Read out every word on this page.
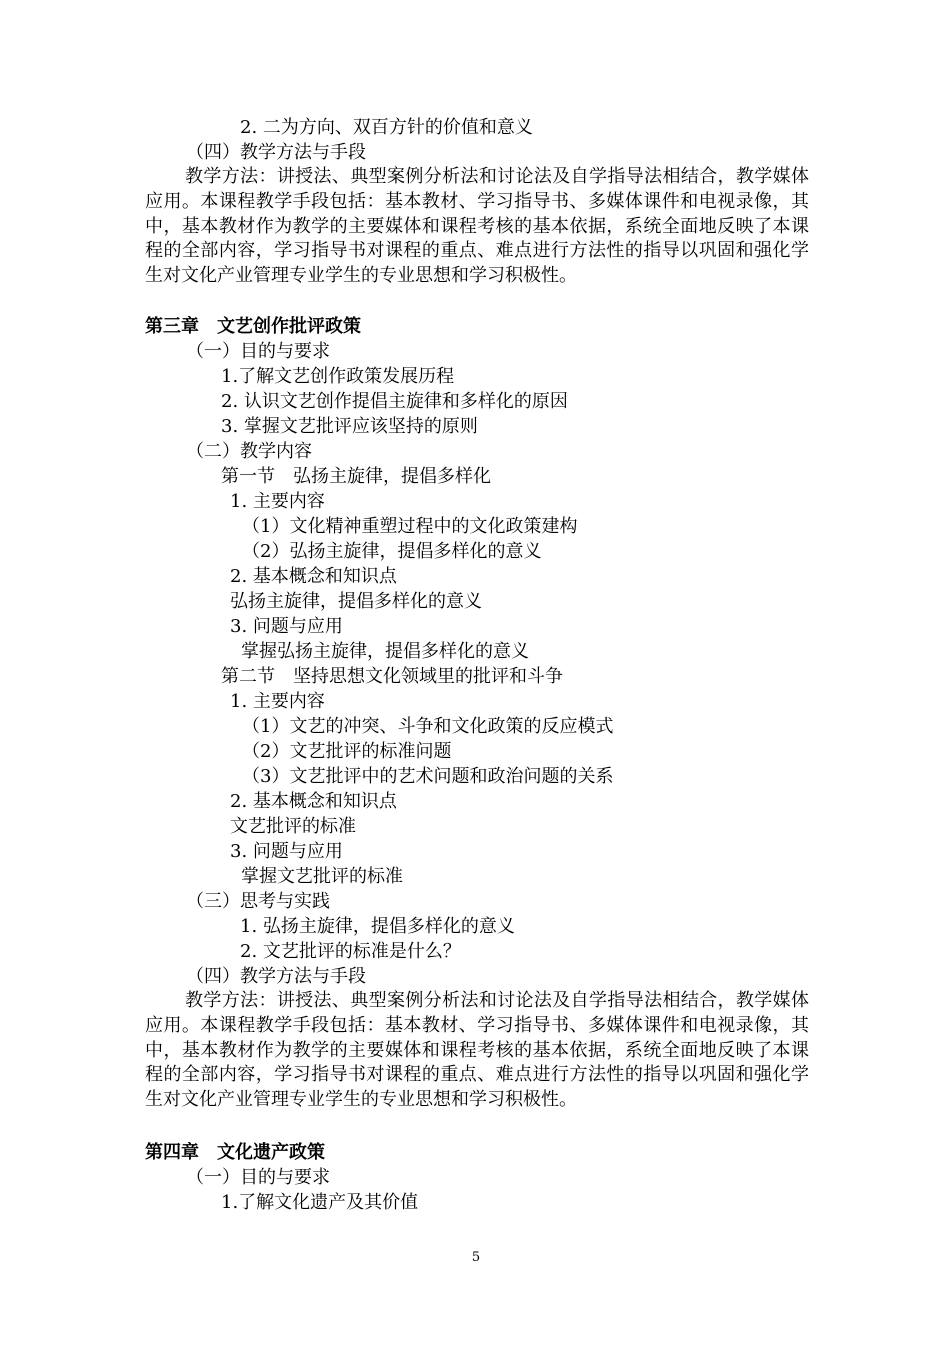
2. 二为方向、双百方针的价值和意义
（四）教学方法与手段
教学方法：讲授法、典型案例分析法和讨论法及自学指导法相结合，教学媒体应用。本课程教学手段包括：基本教材、学习指导书、多媒体课件和电视录像，其中，基本教材作为教学的主要媒体和课程考核的基本依据，系统全面地反映了本课程的全部内容，学习指导书对课程的重点、难点进行方法性的指导以巩固和强化学生对文化产业管理专业学生的专业思想和学习积极性。
第三章　文艺创作批评政策
（一）目的与要求
1.了解文艺创作政策发展历程
2. 认识文艺创作提倡主旋律和多样化的原因
3. 掌握文艺批评应该坚持的原则
（二）教学内容
第一节　弘扬主旋律，提倡多样化
1. 主要内容
（1）文化精神重塑过程中的文化政策建构
（2）弘扬主旋律，提倡多样化的意义
2. 基本概念和知识点
弘扬主旋律，提倡多样化的意义
3. 问题与应用
掌握弘扬主旋律，提倡多样化的意义
第二节　坚持思想文化领域里的批评和斗争
1. 主要内容
（1）文艺的冲突、斗争和文化政策的反应模式
（2）文艺批评的标准问题
（3）文艺批评中的艺术问题和政治问题的关系
2. 基本概念和知识点
文艺批评的标准
3. 问题与应用
掌握文艺批评的标准
（三）思考与实践
1. 弘扬主旋律，提倡多样化的意义
2. 文艺批评的标准是什么？
（四）教学方法与手段
教学方法：讲授法、典型案例分析法和讨论法及自学指导法相结合，教学媒体应用。本课程教学手段包括：基本教材、学习指导书、多媒体课件和电视录像，其中，基本教材作为教学的主要媒体和课程考核的基本依据，系统全面地反映了本课程的全部内容，学习指导书对课程的重点、难点进行方法性的指导以巩固和强化学生对文化产业管理专业学生的专业思想和学习积极性。
第四章　文化遗产政策
（一）目的与要求
1.了解文化遗产及其价值
5
